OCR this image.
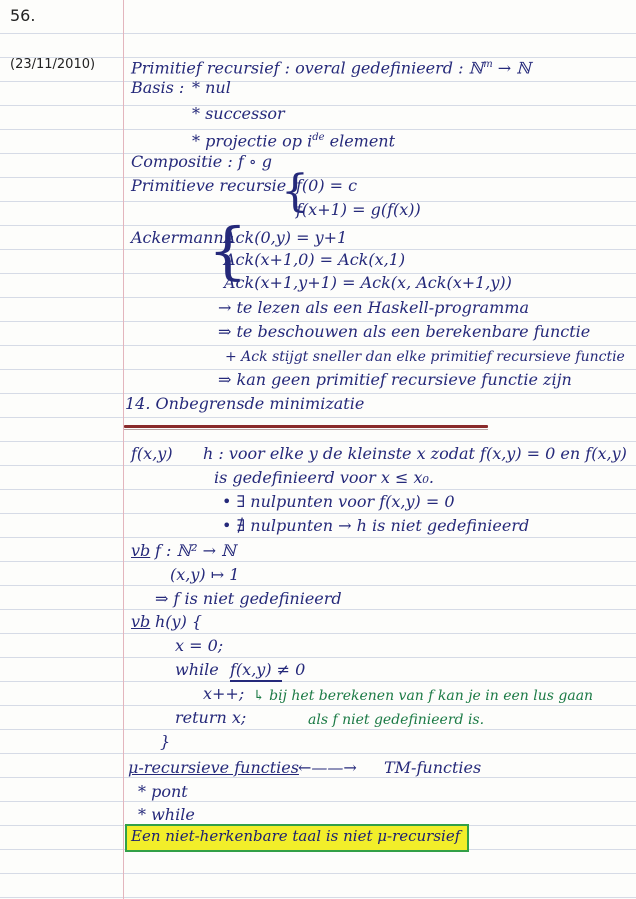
56.
(23/11/2010) Primitief recursief : overal gedefinieerd : ℕ$^m$ → ℕ
Basis : * nul
* successor
* projectie op $i^{de}$ element
Compositie : f ∘ g
Primitieve recursie :
{
f(0) = c
f(x+1) = g(f(x))
Ackermann :
{
Ack(0,y) = y+1
Ack(x+1,0) = Ack(x,1)
Ack(x+1,y+1) = Ack(x, Ack(x+1,y))
→ te lezen als een Haskell-programma
⇒ te beschouwen als een berekenbare functie
+ Ack stijgt sneller dan elke primitief recursieve functie
⇒ kan geen primitief recursieve functie zijn
14. Onbegrensde minimizatie
f(x,y) h : voor elke y de kleinste x zodat f(x,y) = 0 en f(x,y)
is gedefinieerd voor x ≤ x₀.
• ∃ nulpunten voor f(x,y) = 0
• ∄ nulpunten → h is niet gedefinieerd
vb f : ℕ² → ℕ
(x,y) ↦ 1
⇒ f is niet gedefinieerd
vb h(y) {
x = 0;
while f(x,y) ≠ 0
x++; ↳ bij het berekenen van f kan je in een lus gaan
als f niet gedefinieerd is.
return x;
}
μ-recursieve functies ←——→ TM-functies
* pont
* while
Een niet-herkenbare taal is niet μ-recursief
